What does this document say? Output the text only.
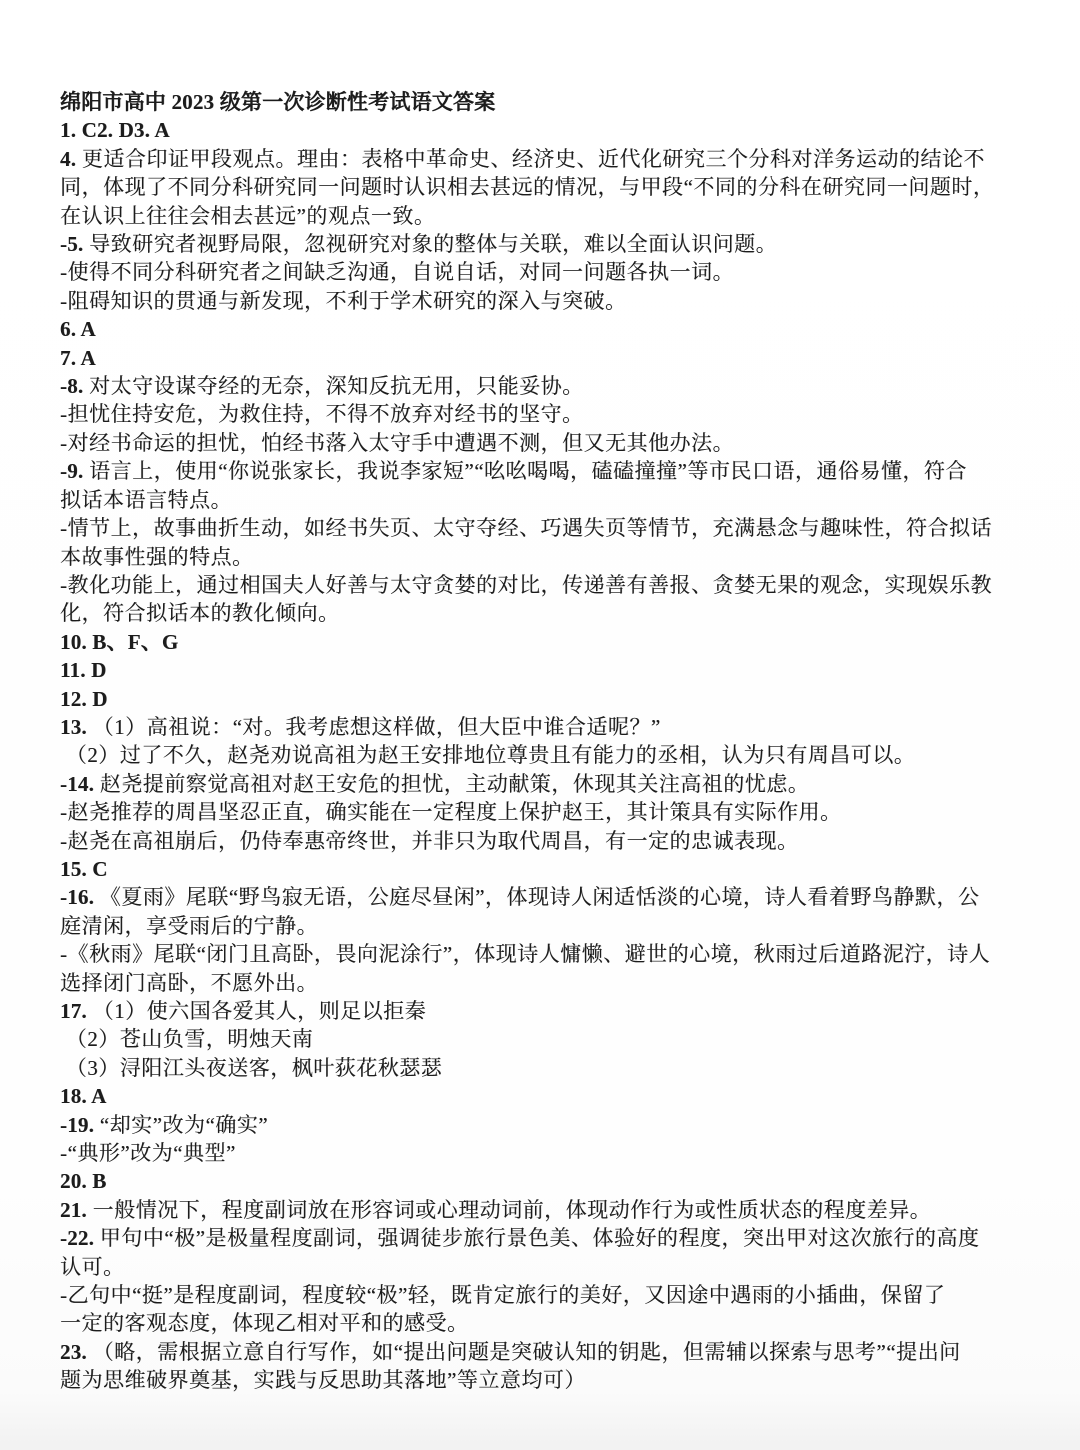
绵阳市高中 2023 级第一次诊断性考试语文答案
1. C2. D3. A
4. 更适合印证甲段观点。理由：表格中革命史、经济史、近代化研究三个分科对洋务运动的结论不
同，体现了不同分科研究同一问题时认识相去甚远的情况，与甲段“不同的分科在研究同一问题时，
在认识上往往会相去甚远”的观点一致。
-5. 导致研究者视野局限，忽视研究对象的整体与关联，难以全面认识问题。
-使得不同分科研究者之间缺乏沟通，自说自话，对同一问题各执一词。
-阻碍知识的贯通与新发现，不利于学术研究的深入与突破。
6. A
7. A
-8. 对太守设谋夺经的无奈，深知反抗无用，只能妥协。
-担忧住持安危，为救住持，不得不放弃对经书的坚守。
-对经书命运的担忧，怕经书落入太守手中遭遇不测，但又无其他办法。
-9. 语言上，使用“你说张家长，我说李家短”“吆吆喝喝，磕磕撞撞”等市民口语，通俗易懂，符合
拟话本语言特点。
-情节上，故事曲折生动，如经书失页、太守夺经、巧遇失页等情节，充满悬念与趣味性，符合拟话
本故事性强的特点。
-教化功能上，通过相国夫人好善与太守贪婪的对比，传递善有善报、贪婪无果的观念，实现娱乐教
化，符合拟话本的教化倾向。
10. B、F、G
11. D
12. D
13. （1）高祖说：“对。我考虑想这样做，但大臣中谁合适呢？”
（2）过了不久，赵尧劝说高祖为赵王安排地位尊贵且有能力的丞相，认为只有周昌可以。
-14. 赵尧提前察觉高祖对赵王安危的担忧，主动献策，休现其关注高祖的忧虑。
-赵尧推荐的周昌坚忍正直，确实能在一定程度上保护赵王，其计策具有实际作用。
-赵尧在高祖崩后，仍侍奉惠帝终世，并非只为取代周昌，有一定的忠诚表现。
15. C
-16. 《夏雨》尾联“野鸟寂无语，公庭尽昼闲”，体现诗人闲适恬淡的心境，诗人看着野鸟静默，公
庭清闲，享受雨后的宁静。
-《秋雨》尾联“闭门且高卧，畏向泥涂行”，体现诗人慵懒、避世的心境，秋雨过后道路泥泞，诗人
选择闭门高卧，不愿外出。
17. （1）使六国各爱其人，则足以拒秦
（2）苍山负雪，明烛天南
（3）浔阳江头夜送客，枫叶荻花秋瑟瑟
18. A
-19. “却实”改为“确实”
-“典形”改为“典型”
20. B
21. 一般情况下，程度副词放在形容词或心理动词前，体现动作行为或性质状态的程度差异。
-22. 甲句中“极”是极量程度副词，强调徒步旅行景色美、体验好的程度，突出甲对这次旅行的高度
认可。
-乙句中“挺”是程度副词，程度较“极”轻，既肯定旅行的美好，又因途中遇雨的小插曲，保留了
一定的客观态度，体现乙相对平和的感受。
23. （略，需根据立意自行写作，如“提出问题是突破认知的钥匙，但需辅以探索与思考”“提出问
题为思维破界奠基，实践与反思助其落地”等立意均可）
